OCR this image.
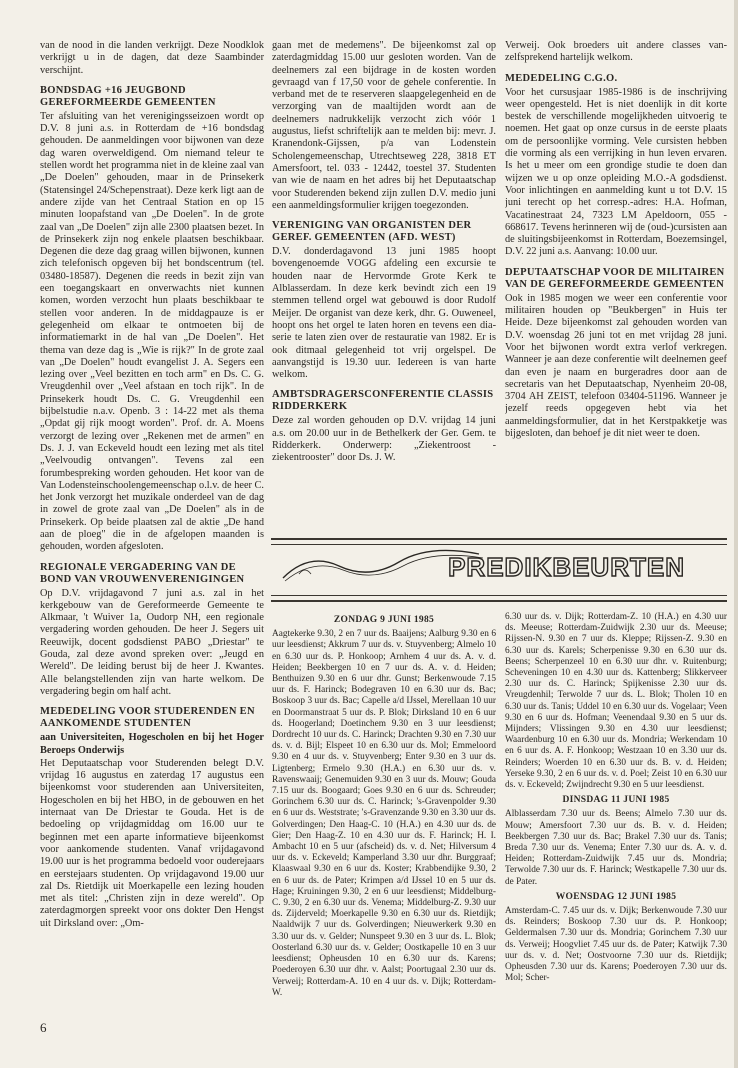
van de nood in die landen verkrijgt. Deze Noodklok verkrijgt u in de dagen, dat deze Saambinder verschijnt.

BONDSDAG +16 JEUGBOND GEREFORMEERDE GEMEENTEN

Ter afsluiting van het verenigingsseizoen wordt op D.V. 8 juni a.s. in Rotterdam de +16 bondsdag gehouden. De aanmeldingen voor bijwonen van deze dag waren overweldigend. Om niemand teleur te stellen wordt het programma niet in de kleine zaal van „De Doelen" gehouden, maar in de Prinsekerk (Statensingel 24/Schepenstraat). Deze kerk ligt aan de andere zijde van het Centraal Station en op 15 minuten loopafstand van „De Doelen". In de grote zaal van „De Doelen" zijn alle 2300 plaatsen bezet. In de Prinsekerk zijn nog enkele plaatsen beschikbaar. Degenen die deze dag graag willen bijwonen, kunnen zich telefonisch opgeven bij het bondscentrum (tel. 03480-18587). Degenen die reeds in bezit zijn van een toegangskaart en onverwachts niet kunnen komen, worden verzocht hun plaats beschikbaar te stellen voor anderen. In de middagpauze is er gelegenheid om elkaar te ontmoeten bij de informatiemarkt in de hal van „De Doelen". Het thema van deze dag is „Wie is rijk?" In de grote zaal van „De Doelen" houdt evangelist J. A. Segers een lezing over „Veel bezitten en toch arm" en Ds. C. G. Vreugdenhil over „Veel afstaan en toch rijk". In de Prinsekerk houdt Ds. C. G. Vreugdenhil een bijbelstudie n.a.v. Openb. 3 : 14-22 met als thema „Opdat gij rijk moogt worden". Prof. dr. A. Moens verzorgt de lezing over „Rekenen met de armen" en Ds. J. J. van Eckeveld houdt een lezing met als titel „Veelvoudig ontvangen". Tevens zal een forumbespreking worden gehouden. Het koor van de Van Lodensteinschoolengemeenschap o.l.v. de heer C. het Jonk verzorgt het muzikale onderdeel van de dag in zowel de grote zaal van „De Doelen" als in de Prinsekerk. Op beide plaatsen zal de aktie „De hand aan de ploeg" die in de afgelopen maanden is gehouden, worden afgesloten.

REGIONALE VERGADERING VAN DE BOND VAN VROUWENVERENIGINGEN

Op D.V. vrijdagavond 7 juni a.s. zal in het kerkgebouw van de Gereformeerde Gemeente te Alkmaar, 't Wuiver 1a, Oudorp NH, een regionale vergadering worden gehouden. De heer J. Segers uit Reeuwijk, docent godsdienst PABO „Driestar" te Gouda, zal deze avond spreken over: „Jeugd en Wereld". De leiding berust bij de heer J. Kwantes. Alle belangstellenden zijn van harte welkom. De vergadering begin om half acht.

MEDEDELING VOOR STUDERENDEN EN AANKOMENDE STUDENTEN
aan Universiteiten, Hogescholen en bij het Hoger Beroeps Onderwijs

Het Deputaatschap voor Studerenden belegt D.V. vrijdag 16 augustus en zaterdag 17 augustus een bijeenkomst voor studerenden aan Universiteiten, Hogescholen en bij het HBO, in de gebouwen en het internaat van De Driestar te Gouda. Het is de bedoeling op vrijdagmiddag om 16.00 uur te beginnen met een aparte informatieve bijeenkomst voor aankomende studenten. Vanaf vrijdagavond 19.00 uur is het programma bedoeld voor ouderejaars en eerstejaars studenten. Op vrijdagavond 19.00 uur zal Ds. Rietdijk uit Moerkapelle een lezing houden met als titel: „Christen zijn in deze wereld". Op zaterdagmorgen spreekt voor ons dokter Den Hengst uit Dirksland over: „Om-

gaan met de medemens". De bijeenkomst zal op zaterdagmiddag 15.00 uur gesloten worden. Van de deelnemers zal een bijdrage in de kosten worden gevraagd van f 17,50 voor de gehele conferentie. In verband met de te reserveren slaapgelegenheid en de verzorging van de maaltijden wordt aan de deelnemers nadrukkelijk verzocht zich vóór 1 augustus, liefst schriftelijk aan te melden bij: mevr. J. Kranendonk-Gijssen, p/a van Lodenstein Scholengemeenschap, Utrechtseweg 228, 3818 ET Amersfoort, tel. 033 - 12442, toestel 37. Studenten van wie de naam en het adres bij het Deputaatschap voor Studerenden bekend zijn zullen D.V. medio juni een aanmeldingsformulier krijgen toegezonden.

VERENIGING VAN ORGANISTEN DER GEREF. GEMEENTEN (AFD. WEST)

D.V. donderdagavond 13 juni 1985 hoopt bovengenoemde VOGG afdeling een excursie te houden naar de Hervormde Grote Kerk te Alblasserdam. In deze kerk bevindt zich een 19 stemmen tellend orgel wat gebouwd is door Rudolf Meijer. De organist van deze kerk, dhr. G. Ouweneel, hoopt ons het orgel te laten horen en tevens een dia-serie te laten zien over de restauratie van 1982. Er is ook ditmaal gelegenheid tot vrij orgelspel. De aanvangstijd is 19.30 uur. Iedereen is van harte welkom.

AMBTSDRAGERSCONFERENTIE CLASSIS RIDDERKERK

Deze zal worden gehouden op D.V. vrijdag 14 juni a.s. om 20.00 uur in de Bethelkerk der Ger. Gem. te Ridderkerk. Onderwerp: „Ziekentroost - ziekentrooster" door Ds. J. W.

Verweij. Ook broeders uit andere classes van-zelfsprekend hartelijk welkom.

MEDEDELING C.G.O.

Voor het cursusjaar 1985-1986 is de inschrijving weer opengesteld. Het is niet doenlijk in dit korte bestek de verschillende mogelijkheden uitvoerig te noemen. Het gaat op onze cursus in de eerste plaats om de persoonlijke vorming. Vele cursisten hebben die vorming als een verrijking in hun leven ervaren. Is het u meer om een grondige studie te doen dan wijzen we u op onze opleiding M.O.-A godsdienst. Voor inlichtingen en aanmelding kunt u tot D.V. 15 juni terecht op het corresp.-adres: H.A. Hofman, Vacatinestraat 24, 7323 LM Apeldoorn, 055 - 668617. Tevens herinneren wij de (oud-)cursisten aan de sluitingsbijeenkomst in Rotterdam, Boezemsingel, D.V. 22 juni a.s. Aanvang: 10.00 uur.

DEPUTAATSCHAP VOOR DE MILITAIREN VAN DE GEREFORMEERDE GEMEENTEN

Ook in 1985 mogen we weer een conferentie voor militairen houden op "Beukbergen" in Huis ter Heide. Deze bijeenkomst zal gehouden worden van D.V. woensdag 26 juni tot en met vrijdag 28 juni. Voor het bijwonen wordt extra verlof verkregen. Wanneer je aan deze conferentie wilt deelnemen geef dan even je naam en burgeradres door aan de secretaris van het Deputaatschap, Nyenheim 20-08, 3704 AH ZEIST, telefoon 03404-51196. Wanneer je jezelf reeds opgegeven hebt via het aanmeldingsformulier, dat in het Kerstpakketje was bijgesloten, dan behoef je dit niet weer te doen.

PREDIKBEURTEN
ZONDAG 9 JUNI 1985

Aagtekerke 9.30, 2 en 7 uur ds. Baaijens; Aalburg 9.30 en 6 uur leesdienst; Akkrum 7 uur ds. v. Stuyvenberg; Almelo 10 en 6.30 uur ds. P. Honkoop; Arnhem 4 uur ds. A. v. d. Heiden; Beekbergen 10 en 7 uur ds. A. v. d. Heiden; Benthuizen 9.30 en 6 uur dhr. Gunst; Berkenwoude 7.15 uur ds. F. Harinck; Bodegraven 10 en 6.30 uur ds. Bac; Boskoop 3 uur ds. Bac; Capelle a/d IJssel, Merellaan 10 uur en Doormanstraat 5 uur ds. P. Blok; Dirksland 10 en 6 uur ds. Hoogerland; Doetinchem 9.30 en 3 uur leesdienst; Dordrecht 10 uur ds. C. Harinck; Drachten 9.30 en 7.30 uur ds. v. d. Bijl; Elspeet 10 en 6.30 uur ds. Mol; Emmeloord 9.30 en 4 uur ds. v. Stuyvenberg; Enter 9.30 en 3 uur ds. Ligtenberg; Ermelo 9.30 (H.A.) en 6.30 uur ds. v. Ravenswaaij; Genemuiden 9.30 en 3 uur ds. Mouw; Gouda 7.15 uur ds. Boogaard; Goes 9.30 en 6 uur ds. Schreuder; Gorinchem 6.30 uur ds. C. Harinck; 's-Gravenpolder 9.30 en 6 uur ds. Weststrate; 's-Gravenzande 9.30 en 3.30 uur ds. Golverdingen; Den Haag-C. 10 (H.A.) en 4.30 uur ds. de Gier; Den Haag-Z. 10 en 4.30 uur ds. F. Harinck; H. I. Ambacht 10 en 5 uur (afscheid) ds. v. d. Net; Hilversum 4 uur ds. v. Eckeveld; Kamperland 3.30 uur dhr. Burggraaf; Klaaswaal 9.30 en 6 uur ds. Koster; Krabbendijke 9.30, 2 en 6 uur ds. de Pater; Krimpen a/d IJssel 10 en 5 uur ds. Hage; Kruiningen 9.30, 2 en 6 uur leesdienst; Middelburg-C. 9.30, 2 en 6.30 uur ds. Venema; Middelburg-Z. 9.30 uur ds. Zijderveld; Moerkapelle 9.30 en 6.30 uur ds. Rietdijk; Naaldwijk 7 uur ds. Golverdingen; Nieuwerkerk 9.30 en 3.30 uur ds. v. Gelder; Nunspeet 9.30 en 3 uur ds. L. Blok; Oosterland 6.30 uur ds. v. Gelder; Oostkapelle 10 en 3 uur leesdienst; Opheusden 10 en 6.30 uur ds. Karens; Poederoyen 6.30 uur dhr. v. Aalst; Poortugaal 2.30 uur ds. Verweij; Rotterdam-A. 10 en 4 uur ds. v. Dijk; Rotterdam-W.

6.30 uur ds. v. Dijk; Rotterdam-Z. 10 (H.A.) en 4.30 uur ds. Meeuse; Rotterdam-Zuidwijk 2.30 uur ds. Meeuse; Rijssen-N. 9.30 en 7 uur ds. Kleppe; Rijssen-Z. 9.30 en 6.30 uur ds. Karels; Scherpenisse 9.30 en 6.30 uur ds. Beens; Scherpenzeel 10 en 6.30 uur dhr. v. Ruitenburg; Scheveningen 10 en 4.30 uur ds. Kattenberg; Slikkerveer 2.30 uur ds. C. Harinck; Spijkenisse 2.30 uur ds. Vreugdenhil; Terwolde 7 uur ds. L. Blok; Tholen 10 en 6.30 uur ds. Tanis; Uddel 10 en 6.30 uur ds. Vogelaar; Veen 9.30 en 6 uur ds. Hofman; Veenendaal 9.30 en 5 uur ds. Mijnders; Vlissingen 9.30 en 4.30 uur leesdienst; Waardenburg 10 en 6.30 uur ds. Mondria; Werkendam 10 en 6 uur ds. A. F. Honkoop; Westzaan 10 en 3.30 uur ds. Reinders; Woerden 10 en 6.30 uur ds. B. v. d. Heiden; Yerseke 9.30, 2 en 6 uur ds. v. d. Poel; Zeist 10 en 6.30 uur ds. v. Eckeveld; Zwijndrecht 9.30 en 5 uur leesdienst.

DINSDAG 11 JUNI 1985

Alblasserdam 7.30 uur ds. Beens; Almelo 7.30 uur ds. Mouw; Amersfoort 7.30 uur ds. B. v. d. Heiden; Beekbergen 7.30 uur ds. Bac; Brakel 7.30 uur ds. Tanis; Breda 7.30 uur ds. Venema; Enter 7.30 uur ds. A. v. d. Heiden; Rotterdam-Zuidwijk 7.45 uur ds. Mondria; Terwolde 7.30 uur ds. F. Harinck; Westkapelle 7.30 uur ds. de Pater.

WOENSDAG 12 JUNI 1985

Amsterdam-C. 7.45 uur ds. v. Dijk; Berkenwoude 7.30 uur ds. Reinders; Boskoop 7.30 uur ds. P. Honkoop; Geldermalsen 7.30 uur ds. Mondria; Gorinchem 7.30 uur ds. Verweij; Hoogvliet 7.45 uur ds. de Pater; Katwijk 7.30 uur ds. v. d. Net; Oostvoorne 7.30 uur ds. Rietdijk; Opheusden 7.30 uur ds. Karens; Poederoyen 7.30 uur ds. Mol; Scher-

6
